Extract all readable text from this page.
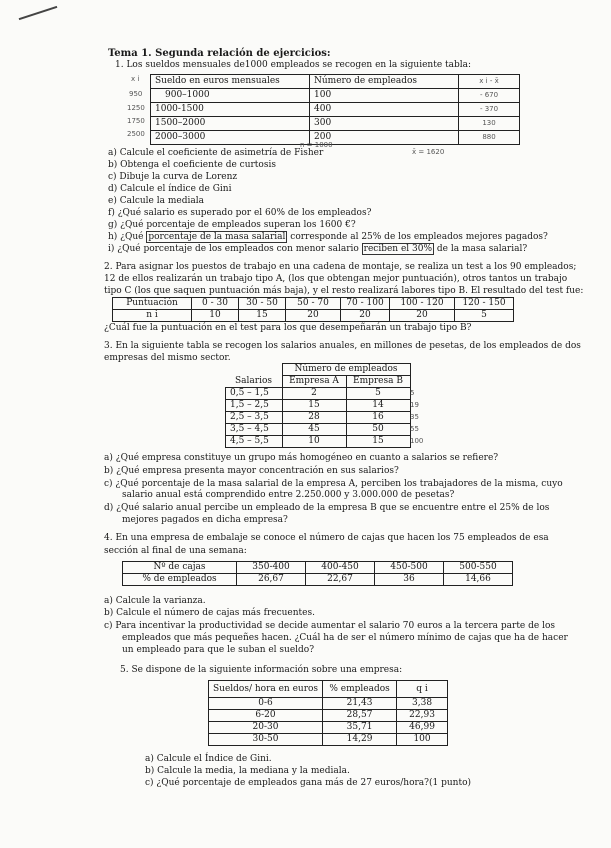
Tema 1. Segunda relación de ejercicios:
1. Los sueldos mensuales de1000 empleados se recogen en la siguiente tabla:
x i
950
1250
1750
2500
Sueldo en euros mensuales	Número de empleados	x i - x̄
900–1000	100	- 670
1000-1500	400	- 370
1500–2000	300	130
2000–3000	200	880
n = 1000
x̄ = 1620
a) Calcule el coeficiente de asimetría de Fisher
b) Obtenga el coeficiente de curtosis
c) Dibuje la curva de Lorenz
d) Calcule el índice de Gini
e) Calcule la mediala
f) ¿Qué salario es superado por el 60% de los empleados?
g) ¿Qué porcentaje de empleados superan los 1600 €?
h) ¿Qué porcentaje de la masa salarial corresponde al 25% de los empleados mejores pagados?
i) ¿Qué porcentaje de los empleados con menor salario reciben el 30% de la masa salarial?
2. Para asignar los puestos de trabajo en una cadena de montaje, se realiza un test a los 90 empleados;
12 de ellos realizarán un trabajo tipo A, (los que obtengan mejor puntuación), otros tantos un trabajo
tipo C (los que saquen puntuación más baja), y el resto realizará labores tipo B. El resultado del test fue:
Puntuación	0 - 30	30 - 50	50 - 70	70 - 100	100 - 120	120 - 150
n i	10	15	20	20	20	5
¿Cuál fue la puntuación en el test para los que desempeñarán un trabajo tipo B?
3. En la siguiente tabla se recogen los salarios anuales, en millones de pesetas, de los empleados de dos
empresas del mismo sector.
	Número de empleados	
Salarios	Empresa A	Empresa B
0,5 – 1,5	2	5
1,5 – 2,5	15	14
2,5 – 3,5	28	16
3,5 – 4,5	45	50
4,5 – 5,5	10	15
5
19
35
55
100
a) ¿Qué empresa constituye un grupo más homogéneo en cuanto a salarios se refiere?
b) ¿Qué empresa presenta mayor concentración en sus salarios?
c) ¿Qué porcentaje de la masa salarial de la empresa A, perciben los trabajadores de la misma, cuyo
salario anual está comprendido entre 2.250.000 y 3.000.000 de pesetas?
d) ¿Qué salario anual percibe un empleado de la empresa B que se encuentre entre el 25% de los
mejores pagados en dicha empresa?
4. En una empresa de embalaje se conoce el número de cajas que hacen los 75 empleados de esa
sección al final de una semana:
Nº de cajas	350-400	400-450	450-500	500-550
% de empleados	26,67	22,67	36	14,66
a) Calcule la varianza.
b) Calcule el número de cajas más frecuentes.
c) Para incentivar la productividad se decide aumentar el salario 70 euros a la tercera parte de los
empleados que más pequeñes hacen. ¿Cuál ha de ser el número mínimo de cajas que ha de hacer
un empleado para que le suban el sueldo?
5. Se dispone de la siguiente información sobre una empresa:
Sueldos/ hora en euros	% empleados	q i
0-6	21,43	3,38
6-20	28,57	22,93
20-30	35,71	46,99
30-50	14,29	100
a) Calcule el Índice de Gini.
b) Calcule la media, la mediana y la mediala.
c) ¿Qué porcentaje de empleados gana más de 27 euros/hora?(1 punto)
